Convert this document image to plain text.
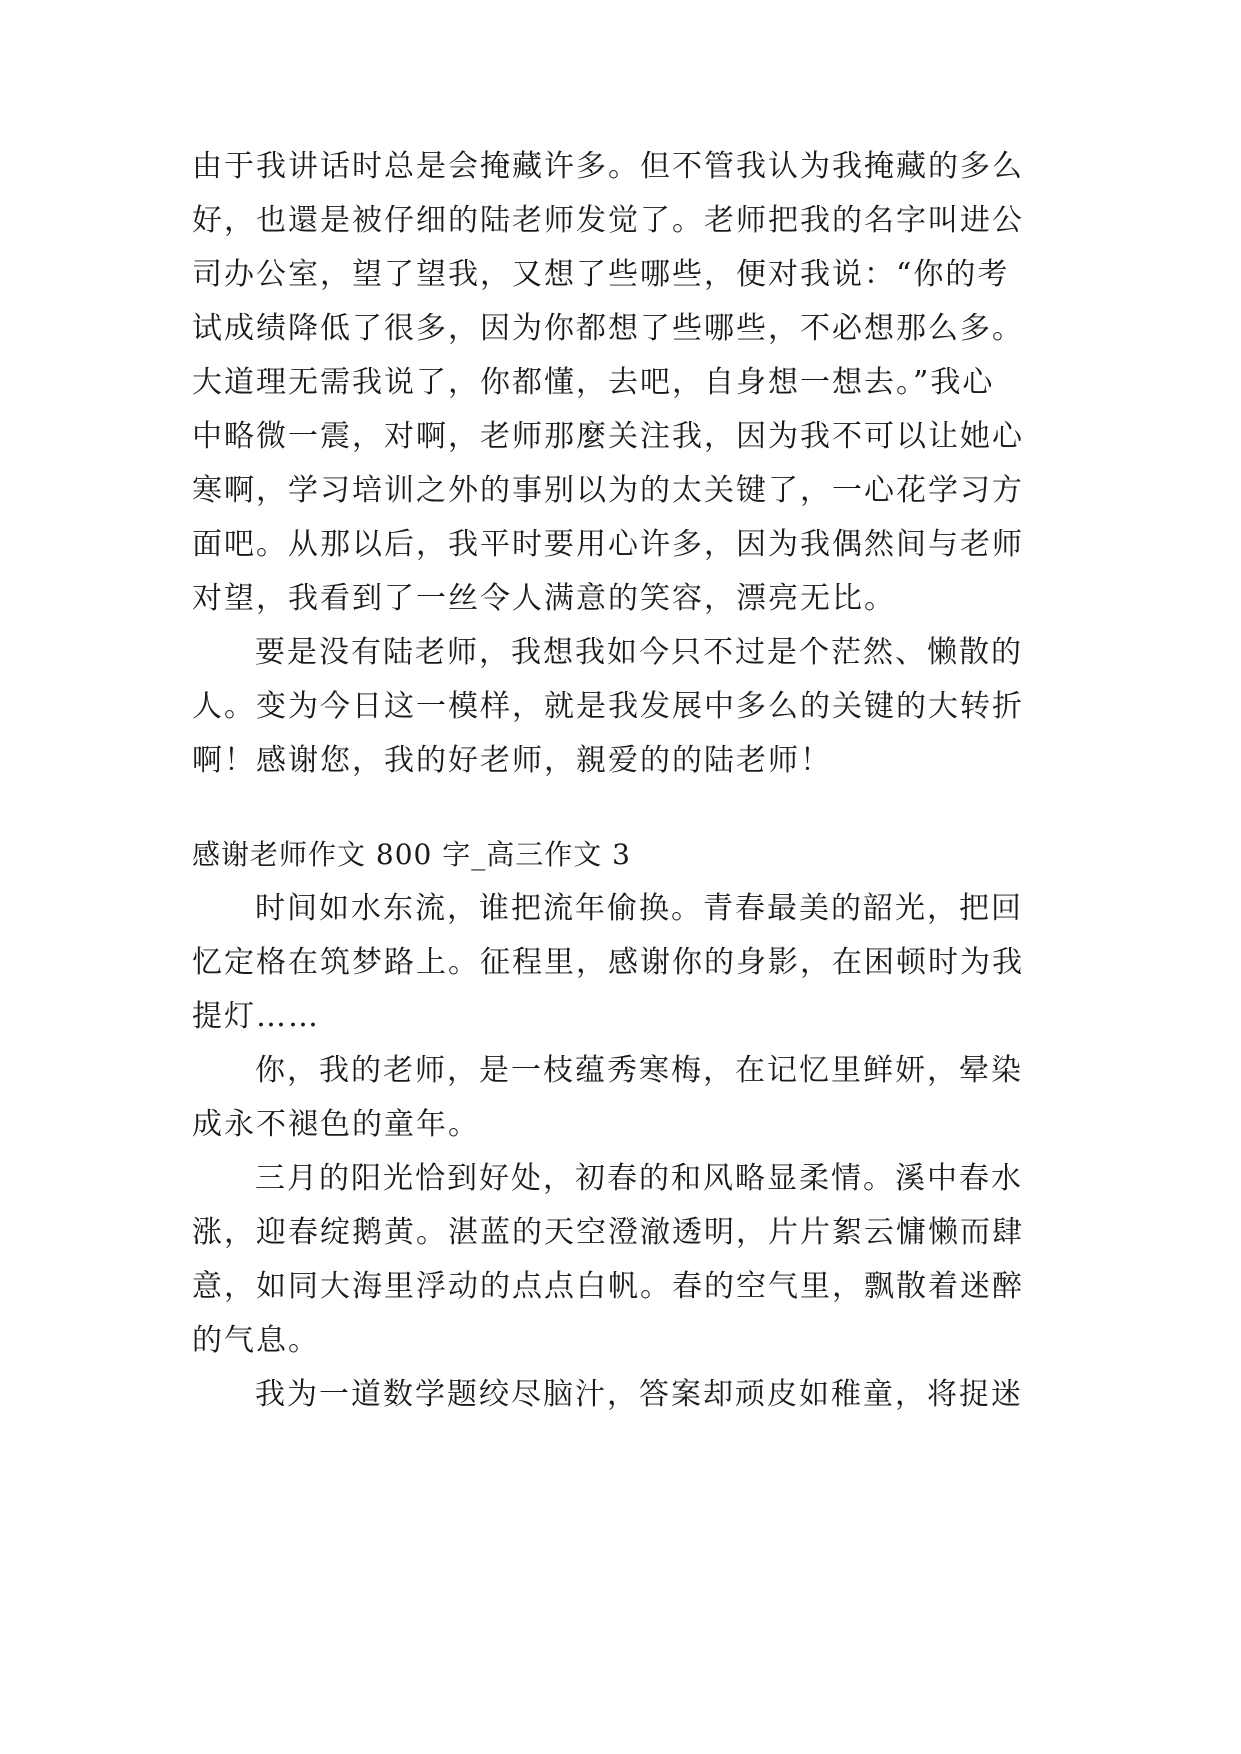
由于我讲话时总是会掩藏许多。但不管我认为我掩藏的多么
好，也還是被仔细的陆老师发觉了。老师把我的名字叫进公
司办公室，望了望我，又想了些哪些，便对我说：“你的考
试成绩降低了很多，因为你都想了些哪些，不必想那么多。
大道理无需我说了，你都懂，去吧，自身想一想去。”我心
中略微一震，对啊，老师那麼关注我，因为我不可以让她心
寒啊，学习培训之外的事别以为的太关键了，一心花学习方
面吧。从那以后，我平时要用心许多，因为我偶然间与老师
对望，我看到了一丝令人满意的笑容，漂亮无比。
要是没有陆老师，我想我如今只不过是个茫然、懒散的
人。变为今日这一模样，就是我发展中多么的关键的大转折
啊！感谢您，我的好老师，親爱的的陆老师！
感谢老师作文 800 字_高三作文 3
时间如水东流，谁把流年偷换。青春最美的韶光，把回
忆定格在筑梦路上。征程里，感谢你的身影，在困顿时为我
提灯……
你，我的老师，是一枝蕴秀寒梅，在记忆里鲜妍，晕染
成永不褪色的童年。
三月的阳光恰到好处，初春的和风略显柔情。溪中春水
涨，迎春绽鹅黄。湛蓝的天空澄澈透明，片片絮云慵懒而肆
意，如同大海里浮动的点点白帆。春的空气里，飘散着迷醉
的气息。
我为一道数学题绞尽脑汁，答案却顽皮如稚童，将捉迷
